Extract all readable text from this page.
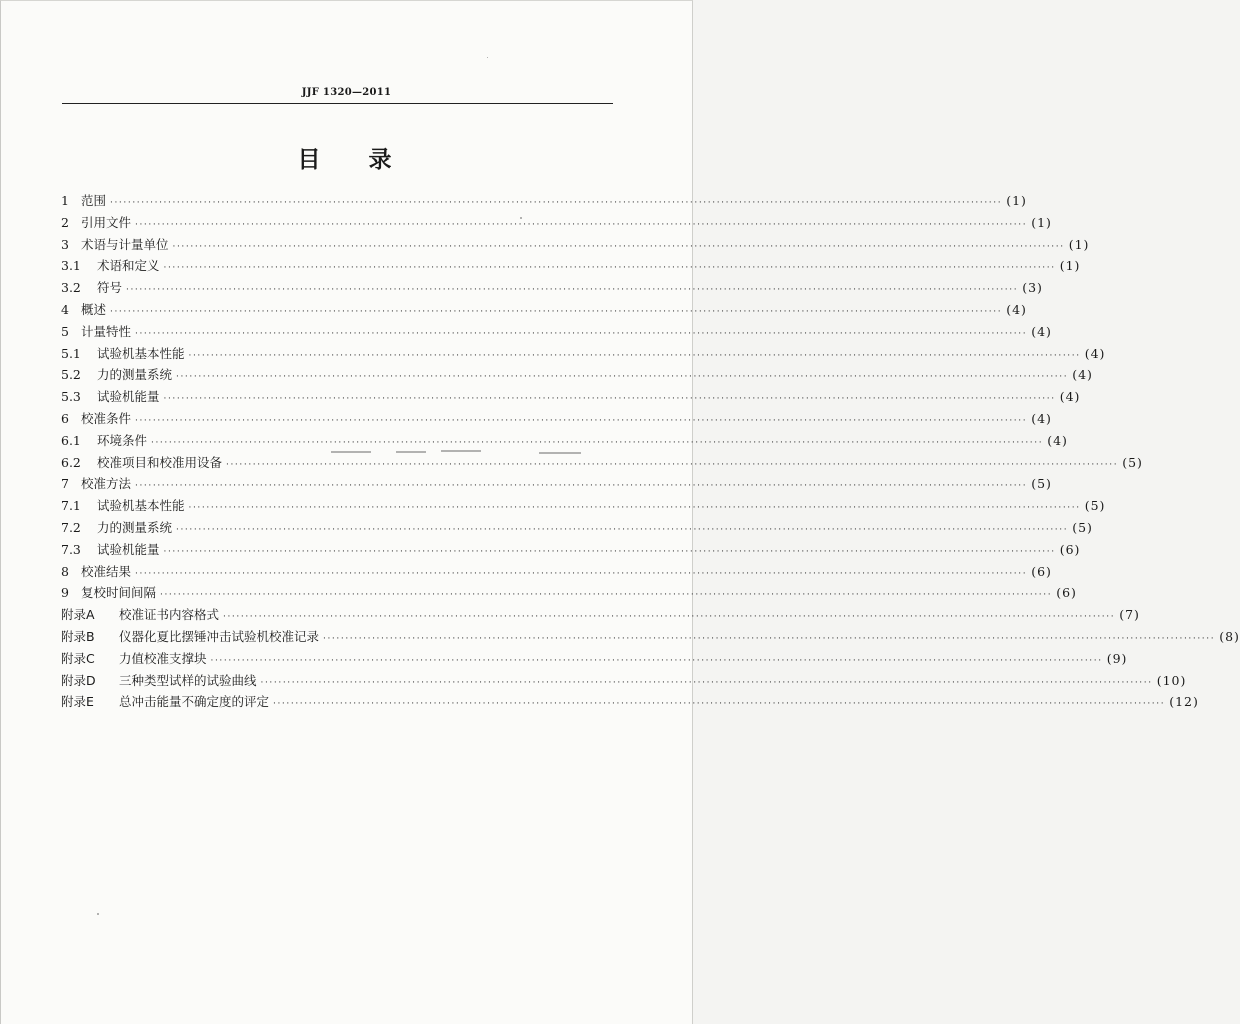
JJF 1320—2011
目录
1 范围 ········································································································································································································ (1)
2 引用文件 ········································································································································································································ (1)
3 术语与计量单位 ········································································································································································································ (1)
3.1	术语和定义 ········································································································································································································ (1)
3.2	符号 ········································································································································································································ (3)
4 概述 ········································································································································································································ (4)
5 计量特性 ········································································································································································································ (4)
5.1	试验机基本性能 ········································································································································································································ (4)
5.2	力的测量系统 ········································································································································································································ (4)
5.3	试验机能量 ········································································································································································································ (4)
6 校准条件 ········································································································································································································ (4)
6.1	环境条件 ········································································································································································································ (4)
6.2	校准项目和校准用设备 ········································································································································································································ (5)
7 校准方法 ········································································································································································································ (5)
7.1	试验机基本性能 ········································································································································································································ (5)
7.2	力的测量系统 ········································································································································································································ (5)
7.3	试验机能量 ········································································································································································································ (6)
8 校准结果 ········································································································································································································ (6)
9 复校时间间隔 ········································································································································································································ (6)
附录A	校准证书内容格式 ········································································································································································································ (7)
附录B	仪器化夏比摆锤冲击试验机校准记录 ········································································································································································································ (8)
附录C	力值校准支撑块 ········································································································································································································ (9)
附录D	三种类型试样的试验曲线 ········································································································································································································ (10)
附录E	总冲击能量不确定度的评定 ········································································································································································································ (12)
